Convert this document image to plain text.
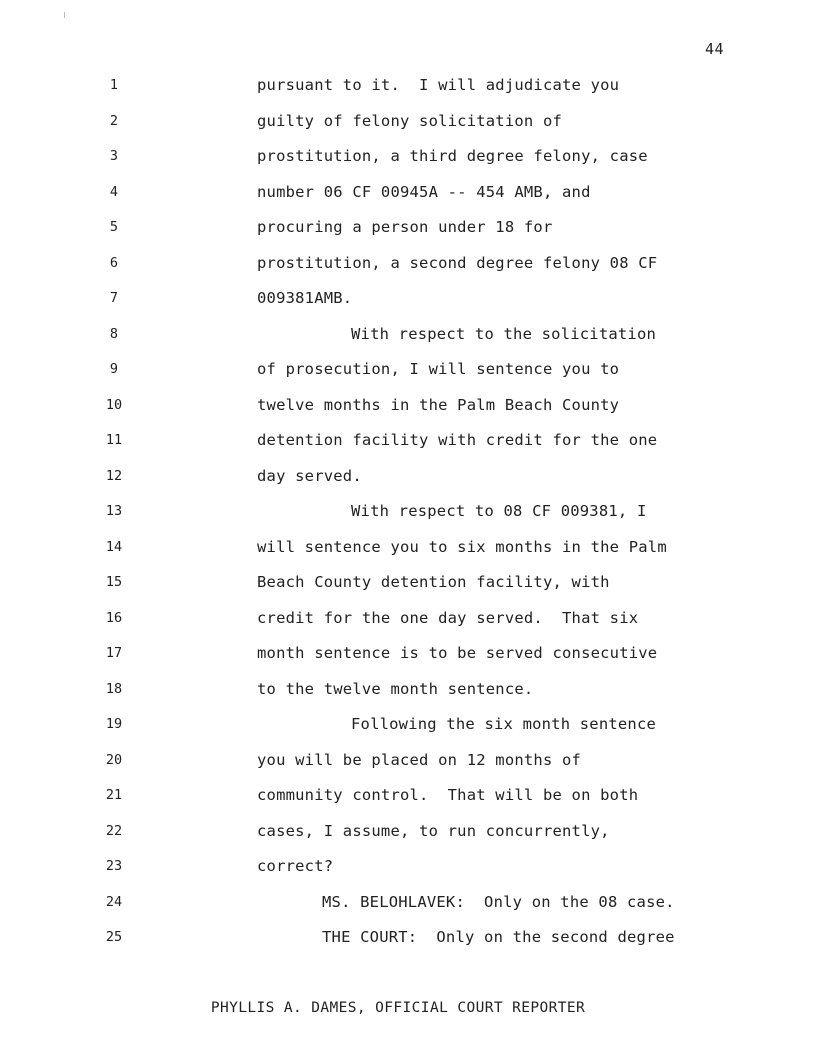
44
1	pursuant to it.  I will adjudicate you
2	guilty of felony solicitation of
3	prostitution, a third degree felony, case
4	number 06 CF 00945A -- 454 AMB, and
5	procuring a person under 18 for
6	prostitution, a second degree felony 08 CF
7	009381AMB.
8	With respect to the solicitation
9	of prosecution, I will sentence you to
10	twelve months in the Palm Beach County
11	detention facility with credit for the one
12	day served.
13	With respect to 08 CF 009381, I
14	will sentence you to six months in the Palm
15	Beach County detention facility, with
16	credit for the one day served.  That six
17	month sentence is to be served consecutive
18	to the twelve month sentence.
19	Following the six month sentence
20	you will be placed on 12 months of
21	community control.  That will be on both
22	cases, I assume, to run concurrently,
23	correct?
24	MS. BELOHLAVEK:  Only on the 08 case.
25	THE COURT:  Only on the second degree
PHYLLIS A. DAMES, OFFICIAL COURT REPORTER
